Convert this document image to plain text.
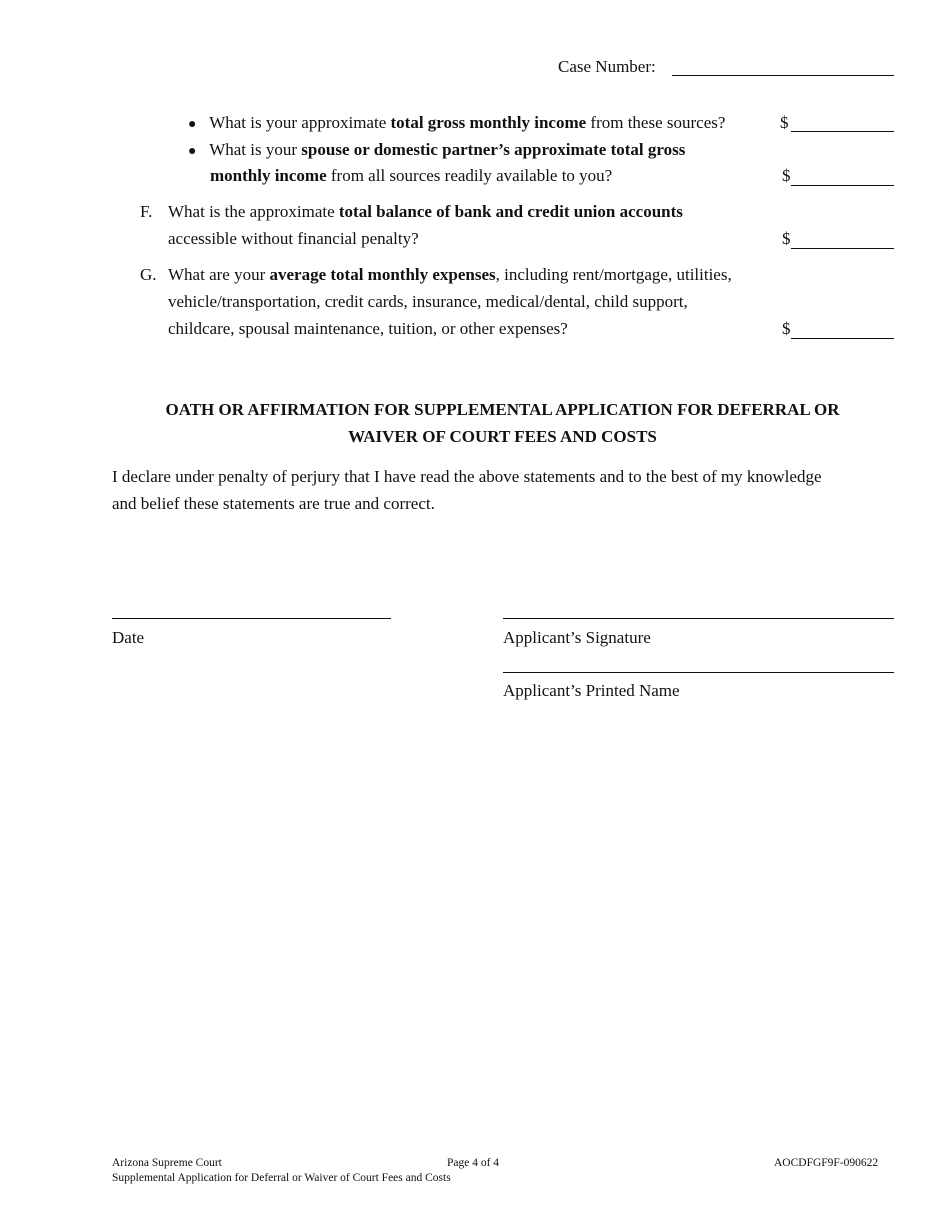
Case Number:
● What is your approximate total gross monthly income from these sources?	$
● What is your spouse or domestic partner’s approximate total gross
monthly income from all sources readily available to you?	$
F. What is the approximate total balance of bank and credit union accounts
accessible without financial penalty?	$
G. What are your average total monthly expenses, including rent/mortgage, utilities,
vehicle/transportation, credit cards, insurance, medical/dental, child support,
childcare, spousal maintenance, tuition, or other expenses?	$
OATH OR AFFIRMATION FOR SUPPLEMENTAL APPLICATION FOR DEFERRAL OR
WAIVER OF COURT FEES AND COSTS
I declare under penalty of perjury that I have read the above statements and to the best of my knowledge
and belief these statements are true and correct.
Date	Applicant’s Signature
Applicant’s Printed Name
Arizona Supreme Court
Supplemental Application for Deferral or Waiver of Court Fees and Costs
Page 4 of 4	AOCDFGF9F-090622
